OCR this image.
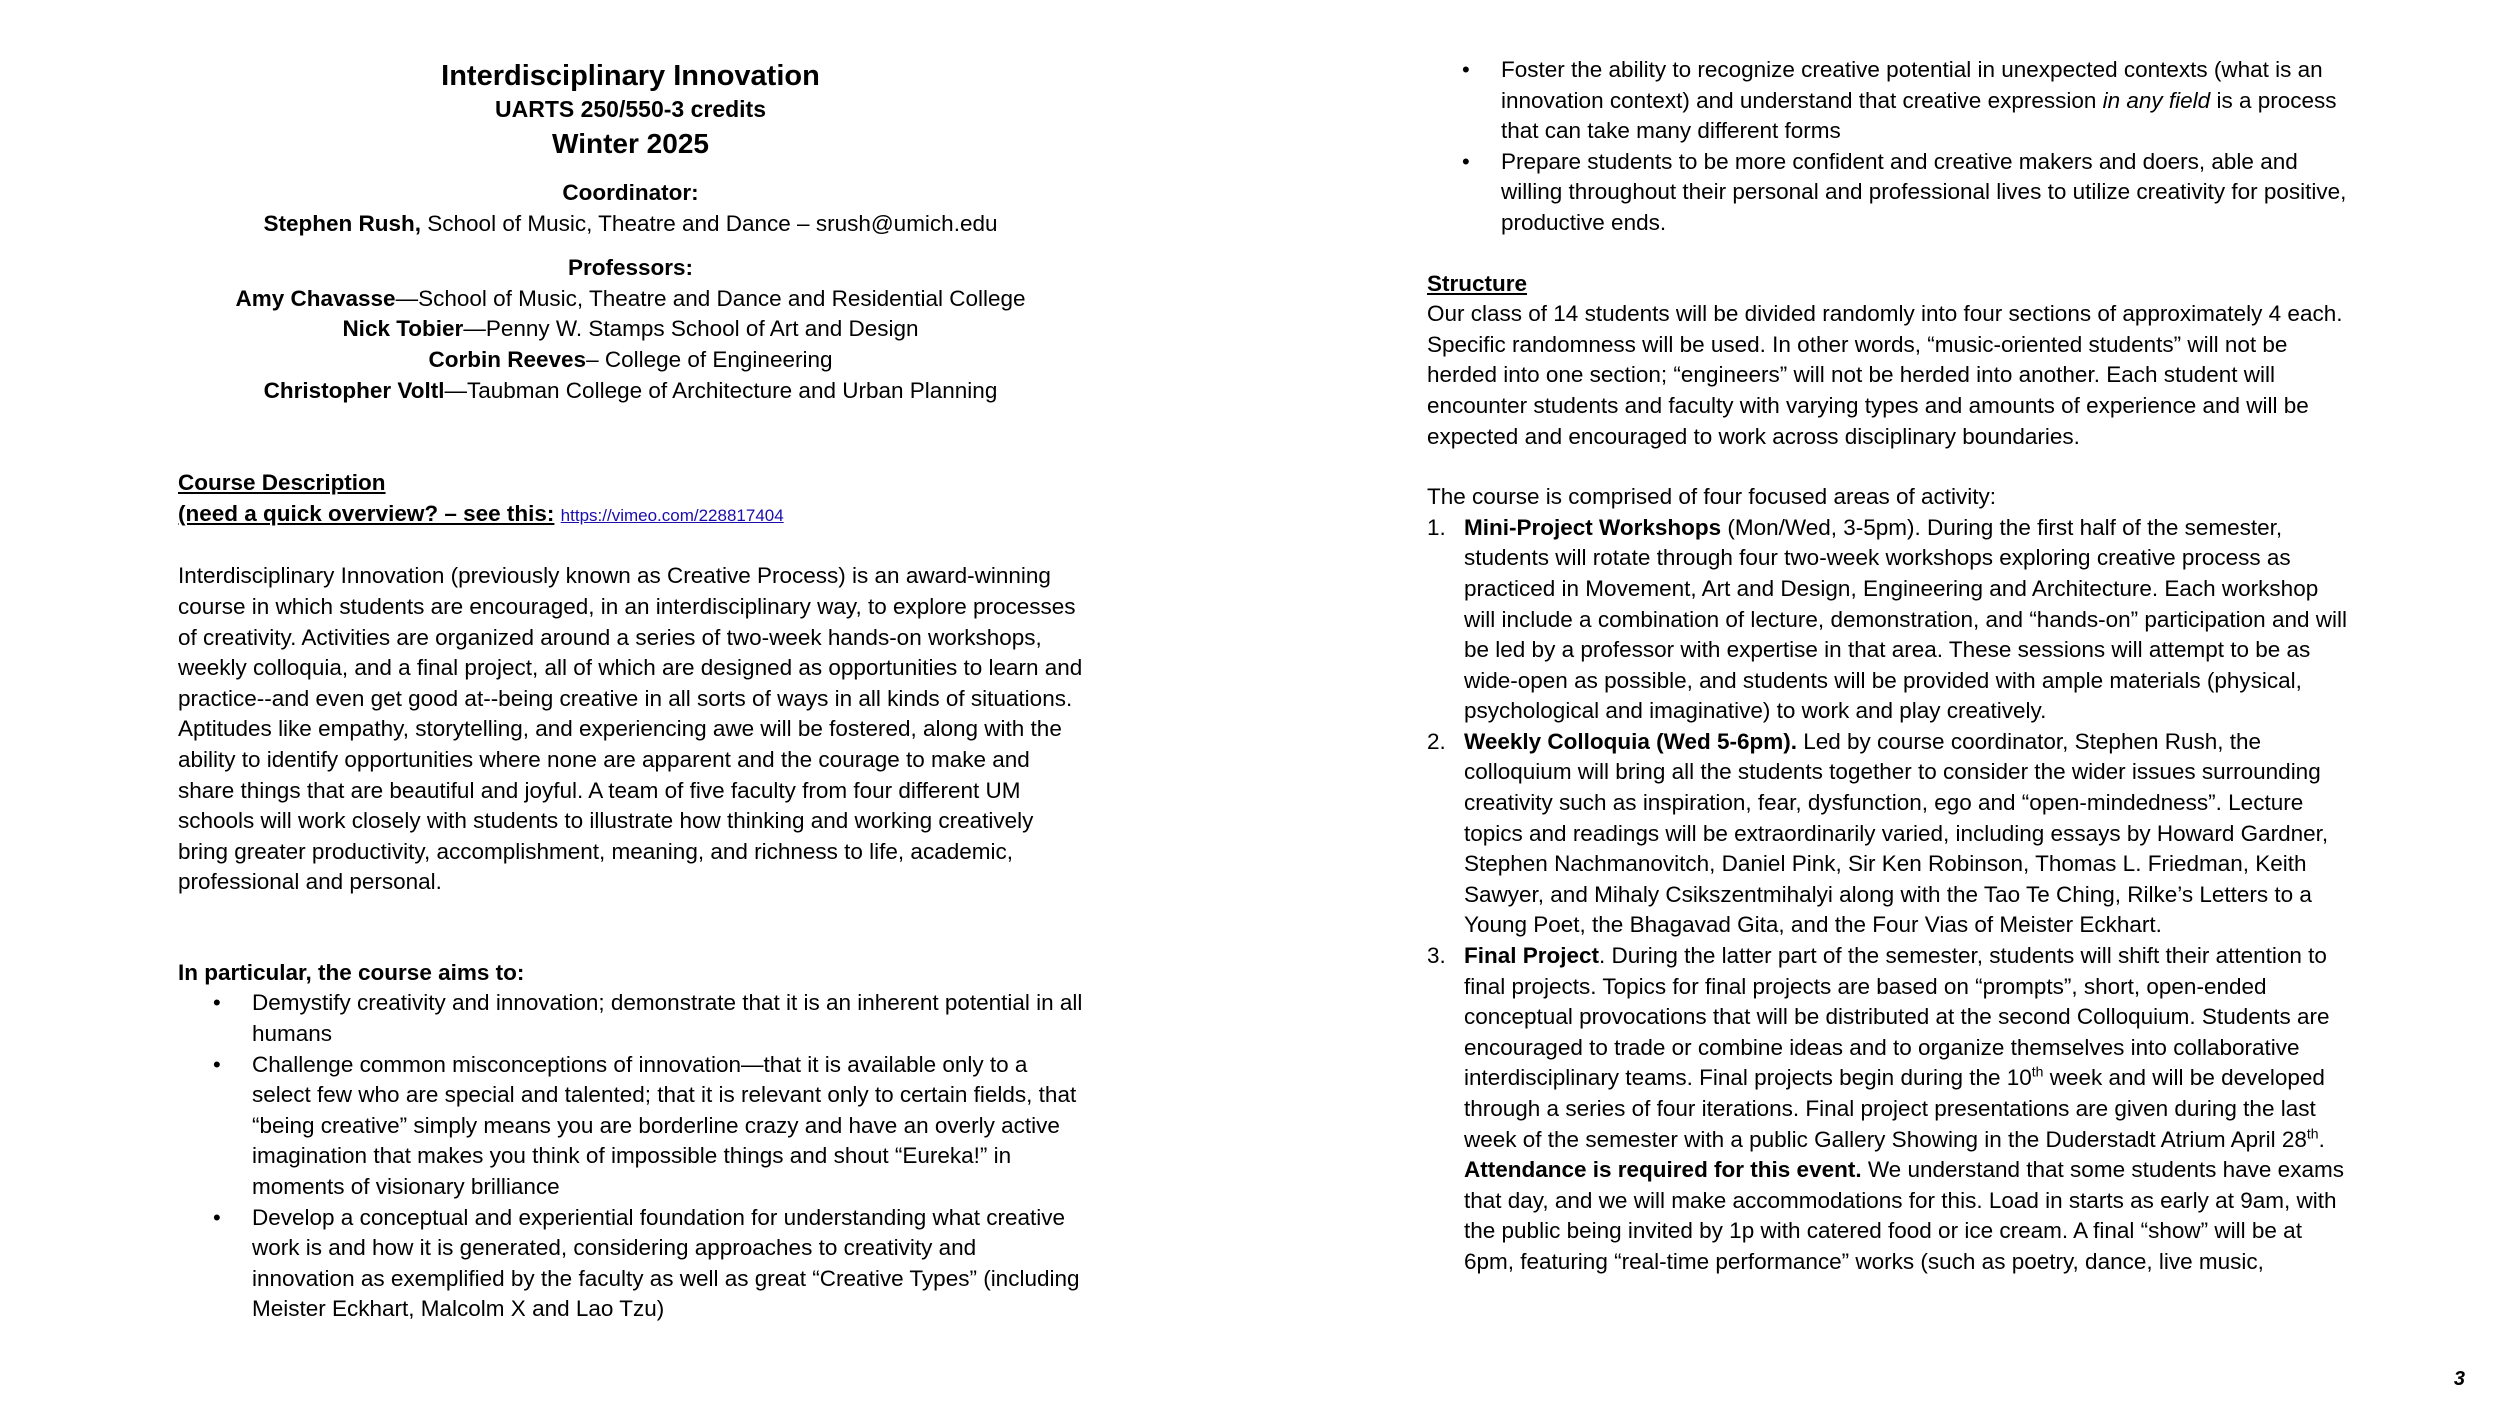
Interdisciplinary Innovation
UARTS 250/550-3 credits
Winter 2025
Coordinator:
Stephen Rush, School of Music, Theatre and Dance – srush@umich.edu
Professors:
Amy Chavasse—School of Music, Theatre and Dance and Residential College
Nick Tobier—Penny W. Stamps School of Art and Design
Corbin Reeves– College of Engineering
Christopher Voltl—Taubman College of Architecture and Urban Planning
Course Description
(need a quick overview? – see this: https://vimeo.com/228817404

Interdisciplinary Innovation (previously known as Creative Process) is an award-winning course in which students are encouraged, in an interdisciplinary way, to explore processes of creativity. Activities are organized around a series of two-week hands-on workshops, weekly colloquia, and a final project, all of which are designed as opportunities to learn and practice--and even get good at--being creative in all sorts of ways in all kinds of situations. Aptitudes like empathy, storytelling, and experiencing awe will be fostered, along with the ability to identify opportunities where none are apparent and the courage to make and share things that are beautiful and joyful. A team of five faculty from four different UM schools will work closely with students to illustrate how thinking and working creatively bring greater productivity, accomplishment, meaning, and richness to life, academic, professional and personal.

In particular, the course aims to:
• Demystify creativity and innovation; demonstrate that it is an inherent potential in all humans
• Challenge common misconceptions of innovation—that it is available only to a select few who are special and talented; that it is relevant only to certain fields, that “being creative” simply means you are borderline crazy and have an overly active imagination that makes you think of impossible things and shout “Eureka!” in moments of visionary brilliance
• Develop a conceptual and experiential foundation for understanding what creative work is and how it is generated, considering approaches to creativity and innovation as exemplified by the faculty as well as great “Creative Types” (including Meister Eckhart, Malcolm X and Lao Tzu)
• Foster the ability to recognize creative potential in unexpected contexts (what is an innovation context) and understand that creative expression in any field is a process that can take many different forms
• Prepare students to be more confident and creative makers and doers, able and willing throughout their personal and professional lives to utilize creativity for positive, productive ends.
Structure

Our class of 14 students will be divided randomly into four sections of approximately 4 each. Specific randomness will be used. In other words, “music-oriented students” will not be herded into one section; “engineers” will not be herded into another. Each student will encounter students and faculty with varying types and amounts of experience and will be expected and encouraged to work across disciplinary boundaries.

The course is comprised of four focused areas of activity:

1. Mini-Project Workshops (Mon/Wed, 3-5pm). During the first half of the semester, students will rotate through four two-week workshops exploring creative process as practiced in Movement, Art and Design, Engineering and Architecture. Each workshop will include a combination of lecture, demonstration, and “hands-on” participation and will be led by a professor with expertise in that area. These sessions will attempt to be as wide-open as possible, and students will be provided with ample materials (physical, psychological and imaginative) to work and play creatively.
2. Weekly Colloquia (Wed 5-6pm). Led by course coordinator, Stephen Rush, the colloquium will bring all the students together to consider the wider issues surrounding creativity such as inspiration, fear, dysfunction, ego and “open-mindedness”. Lecture topics and readings will be extraordinarily varied, including essays by Howard Gardner, Stephen Nachmanovitch, Daniel Pink, Sir Ken Robinson, Thomas L. Friedman, Keith Sawyer, and Mihaly Csikszentmihalyi along with the Tao Te Ching, Rilke’s Letters to a Young Poet, the Bhagavad Gita, and the Four Vias of Meister Eckhart.
3. Final Project. During the latter part of the semester, students will shift their attention to final projects. Topics for final projects are based on “prompts”, short, open-ended conceptual provocations that will be distributed at the second Colloquium. Students are encouraged to trade or combine ideas and to organize themselves into collaborative interdisciplinary teams. Final projects begin during the 10th week and will be developed through a series of four iterations. Final project presentations are given during the last week of the semester with a public Gallery Showing in the Duderstadt Atrium April 28th. Attendance is required for this event. We understand that some students have exams that day, and we will make accommodations for this. Load in starts as early at 9am, with the public being invited by 1p with catered food or ice cream. A final “show” will be at 6pm, featuring “real-time performance” works (such as poetry, dance, live music,
3
